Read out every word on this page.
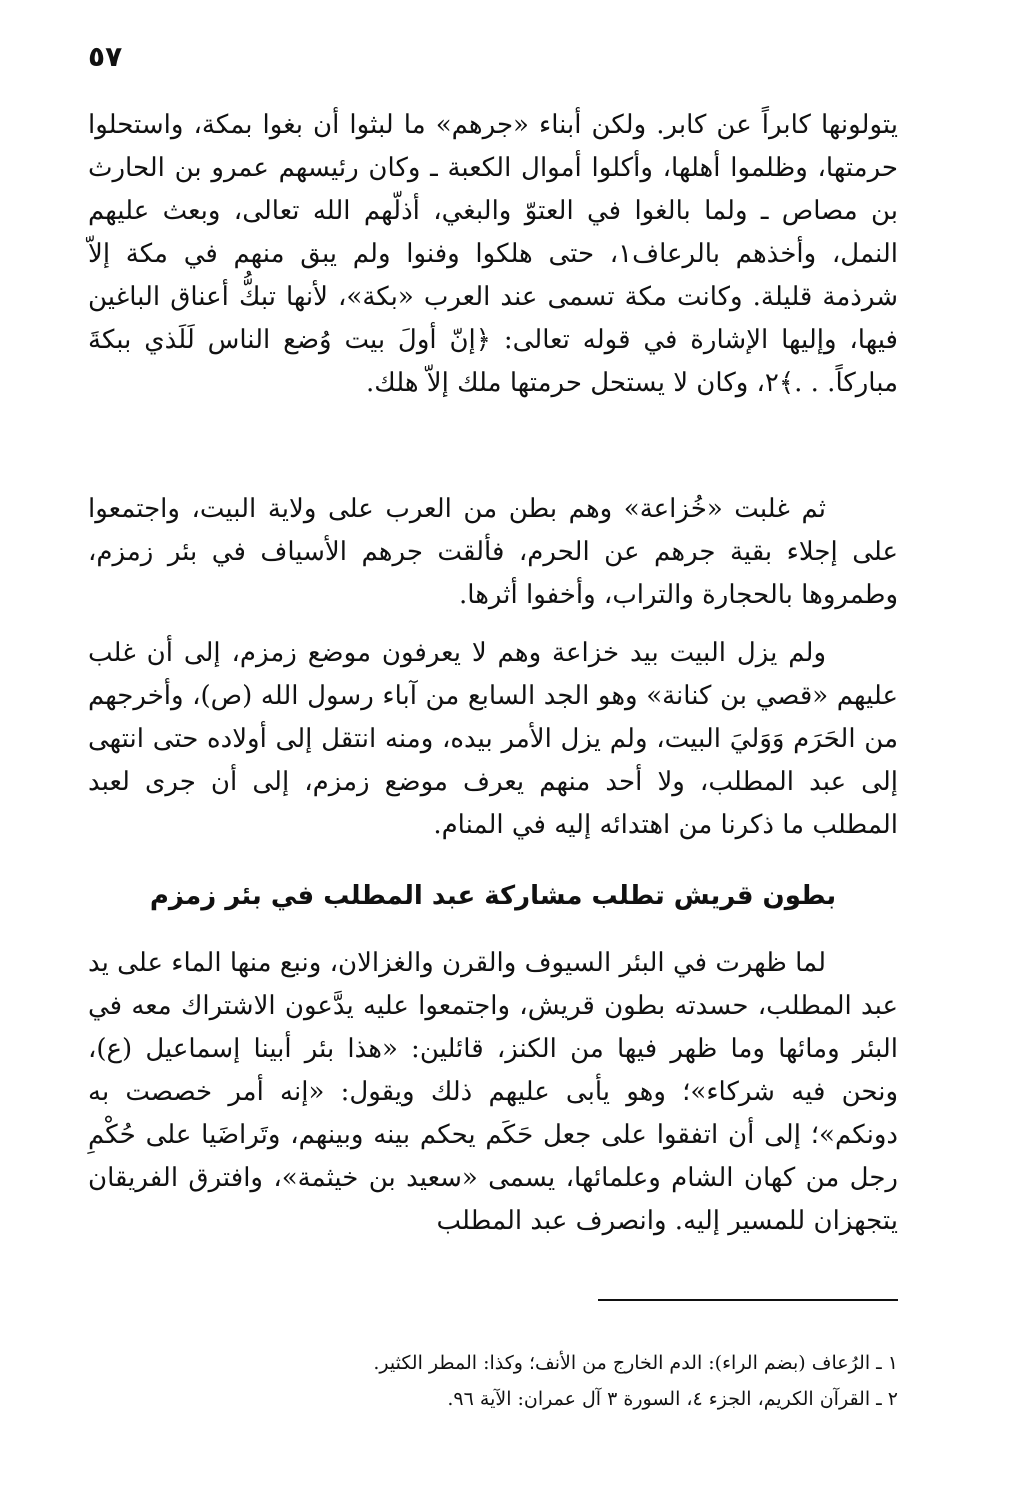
٥٧

يتولونها كابراً عن كابر. ولكن أبناء «جرهم» ما لبثوا أن بغوا بمكة، واستحلوا حرمتها، وظلموا أهلها، وأكلوا أموال الكعبة ـ وكان رئيسهم عمرو بن الحارث بن مصاص ـ ولما بالغوا في العتوّ والبغي، أذلّهم الله تعالى، وبعث عليهم النمل، وأخذهم بالرعاف١، حتى هلكوا وفنوا ولم يبق منهم في مكة إلاّ شرذمة قليلة. وكانت مكة تسمى عند العرب «بكة»، لأنها تبكُّ أعناق الباغين فيها، وإليها الإشارة في قوله تعالى: ﴿إنّ أولَ بيت وُضع الناس لَلَذي ببكةَ مباركاً. . .﴾٢، وكان لا يستحل حرمتها ملك إلاّ هلك.

ثم غلبت «خُزاعة» وهم بطن من العرب على ولاية البيت، واجتمعوا على إجلاء بقية جرهم عن الحرم، فألقت جرهم الأسياف في بئر زمزم، وطمروها بالحجارة والتراب، وأخفوا أثرها.

ولم يزل البيت بيد خزاعة وهم لا يعرفون موضع زمزم، إلى أن غلب عليهم «قصي بن كنانة» وهو الجد السابع من آباء رسول الله (ص)، وأخرجهم من الحَرَم وَوَليَ البيت، ولم يزل الأمر بيده، ومنه انتقل إلى أولاده حتى انتهى إلى عبد المطلب، ولا أحد منهم يعرف موضع زمزم، إلى أن جرى لعبد المطلب ما ذكرنا من اهتدائه إليه في المنام.

بطون قريش تطلب مشاركة عبد المطلب في بئر زمزم

لما ظهرت في البئر السيوف والقرن والغزالان، ونبع منها الماء على يد عبد المطلب، حسدته بطون قريش، واجتمعوا عليه يدَّعون الاشتراك معه في البئر ومائها وما ظهر فيها من الكنز، قائلين: «هذا بئر أبينا إسماعيل (ع)، ونحن فيه شركاء»؛ وهو يأبى عليهم ذلك ويقول: «إنه أمر خصصت به دونكم»؛ إلى أن اتفقوا على جعل حَكَم يحكم بينه وبينهم، وتَراضَيا على حُكْمِ رجل من كهان الشام وعلمائها، يسمى «سعيد بن خيثمة»، وافترق الفريقان يتجهزان للمسير إليه. وانصرف عبد المطلب

١ ـ الرُعاف (بضم الراء): الدم الخارج من الأنف؛ وكذا: المطر الكثير.

٢ ـ القرآن الكريم، الجزء ٤، السورة ٣ آل عمران: الآية ٩٦.
